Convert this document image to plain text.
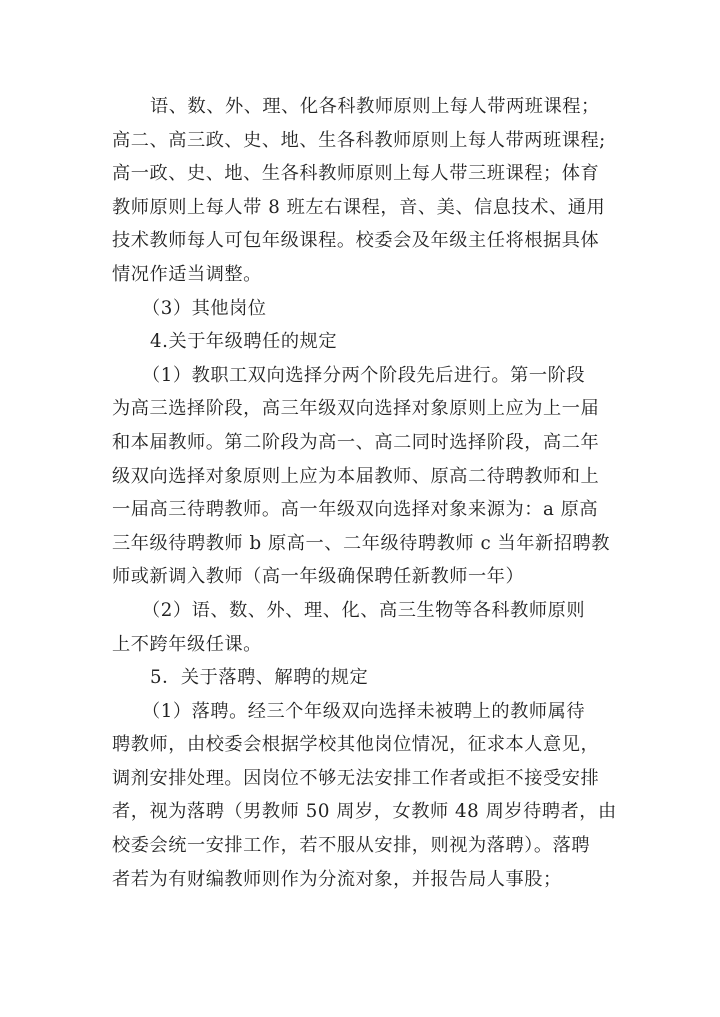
语、数、外、理、化各科教师原则上每人带两班课程；
高二、高三政、史、地、生各科教师原则上每人带两班课程;
高一政、史、地、生各科教师原则上每人带三班课程；体育
教师原则上每人带 8 班左右课程，音、美、信息技术、通用
技术教师每人可包年级课程。校委会及年级主任将根据具体
情况作适当调整。
（3）其他岗位
4.关于年级聘任的规定
（1）教职工双向选择分两个阶段先后进行。第一阶段
为高三选择阶段，高三年级双向选择对象原则上应为上一届
和本届教师。第二阶段为高一、高二同时选择阶段，高二年
级双向选择对象原则上应为本届教师、原高二待聘教师和上
一届高三待聘教师。高一年级双向选择对象来源为：a 原高
三年级待聘教师 b 原高一、二年级待聘教师 c 当年新招聘教
师或新调入教师（高一年级确保聘任新教师一年）
（2）语、数、外、理、化、高三生物等各科教师原则
上不跨年级任课。
5．关于落聘、解聘的规定
（1）落聘。经三个年级双向选择未被聘上的教师属待
聘教师，由校委会根据学校其他岗位情况，征求本人意见，
调剂安排处理。因岗位不够无法安排工作者或拒不接受安排
者，视为落聘（男教师 50 周岁，女教师 48 周岁待聘者，由
校委会统一安排工作，若不服从安排，则视为落聘）。落聘
者若为有财编教师则作为分流对象，并报告局人事股；
